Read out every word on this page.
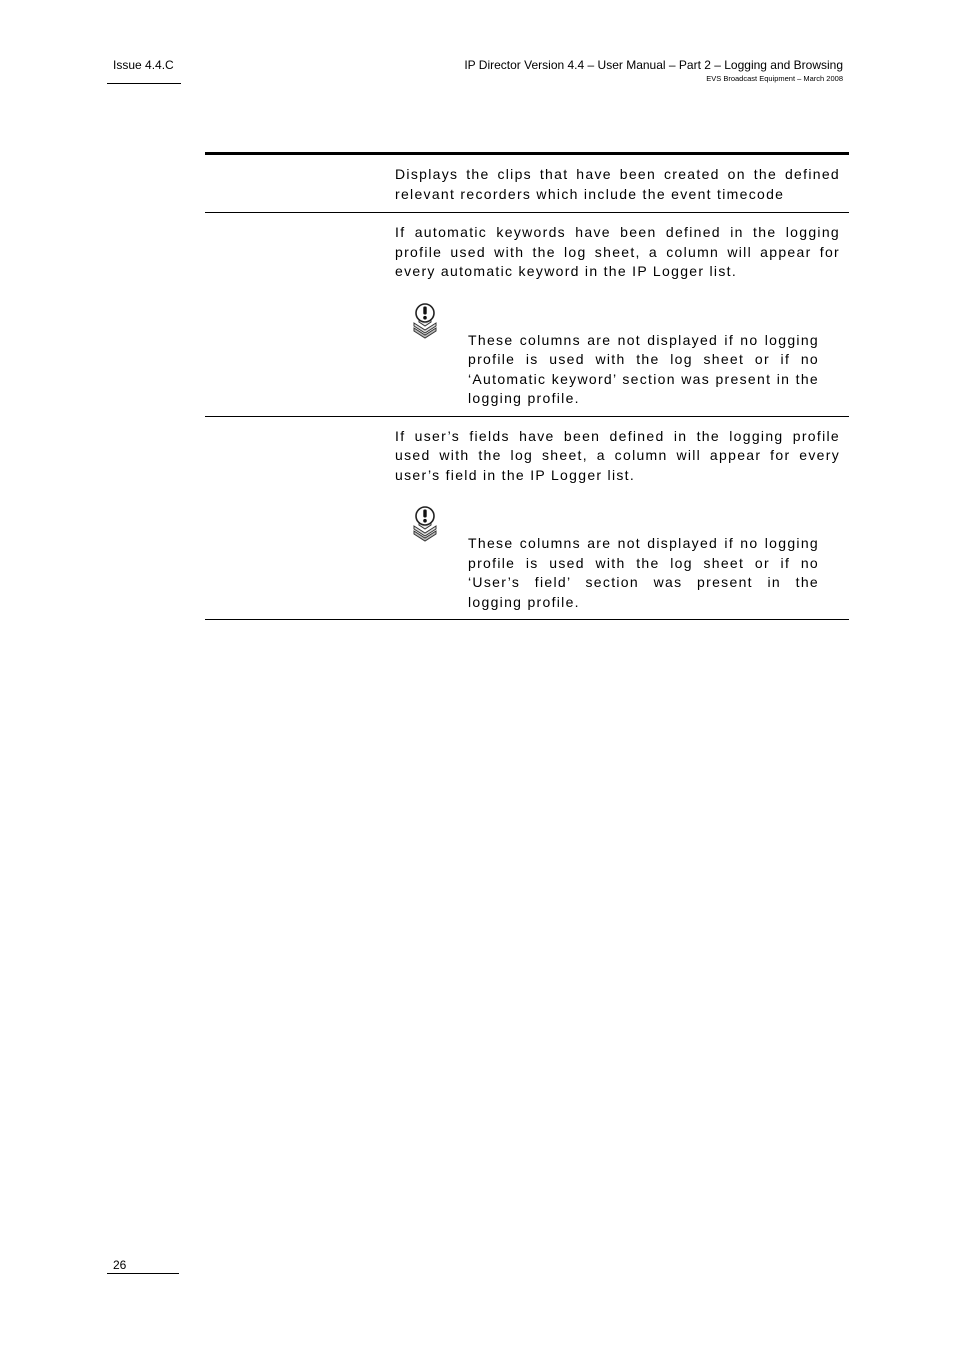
Issue 4.4.C	IP Director Version 4.4 – User Manual – Part 2 – Logging and Browsing
EVS Broadcast Equipment – March 2008

Displays the clips that have been created on the defined relevant recorders which include the event timecode

If automatic keywords have been defined in the logging profile used with the log sheet, a column will appear for every automatic keyword in the IP Logger list.

These columns are not displayed if no logging profile is used with the log sheet or if no ‘Automatic keyword’ section was present in the logging profile.

If user’s fields have been defined in the logging profile used with the log sheet, a column will appear for every user’s field in the IP Logger list.

These columns are not displayed if no logging profile is used with the log sheet or if no ‘User’s field’ section was present in the logging profile.

26
